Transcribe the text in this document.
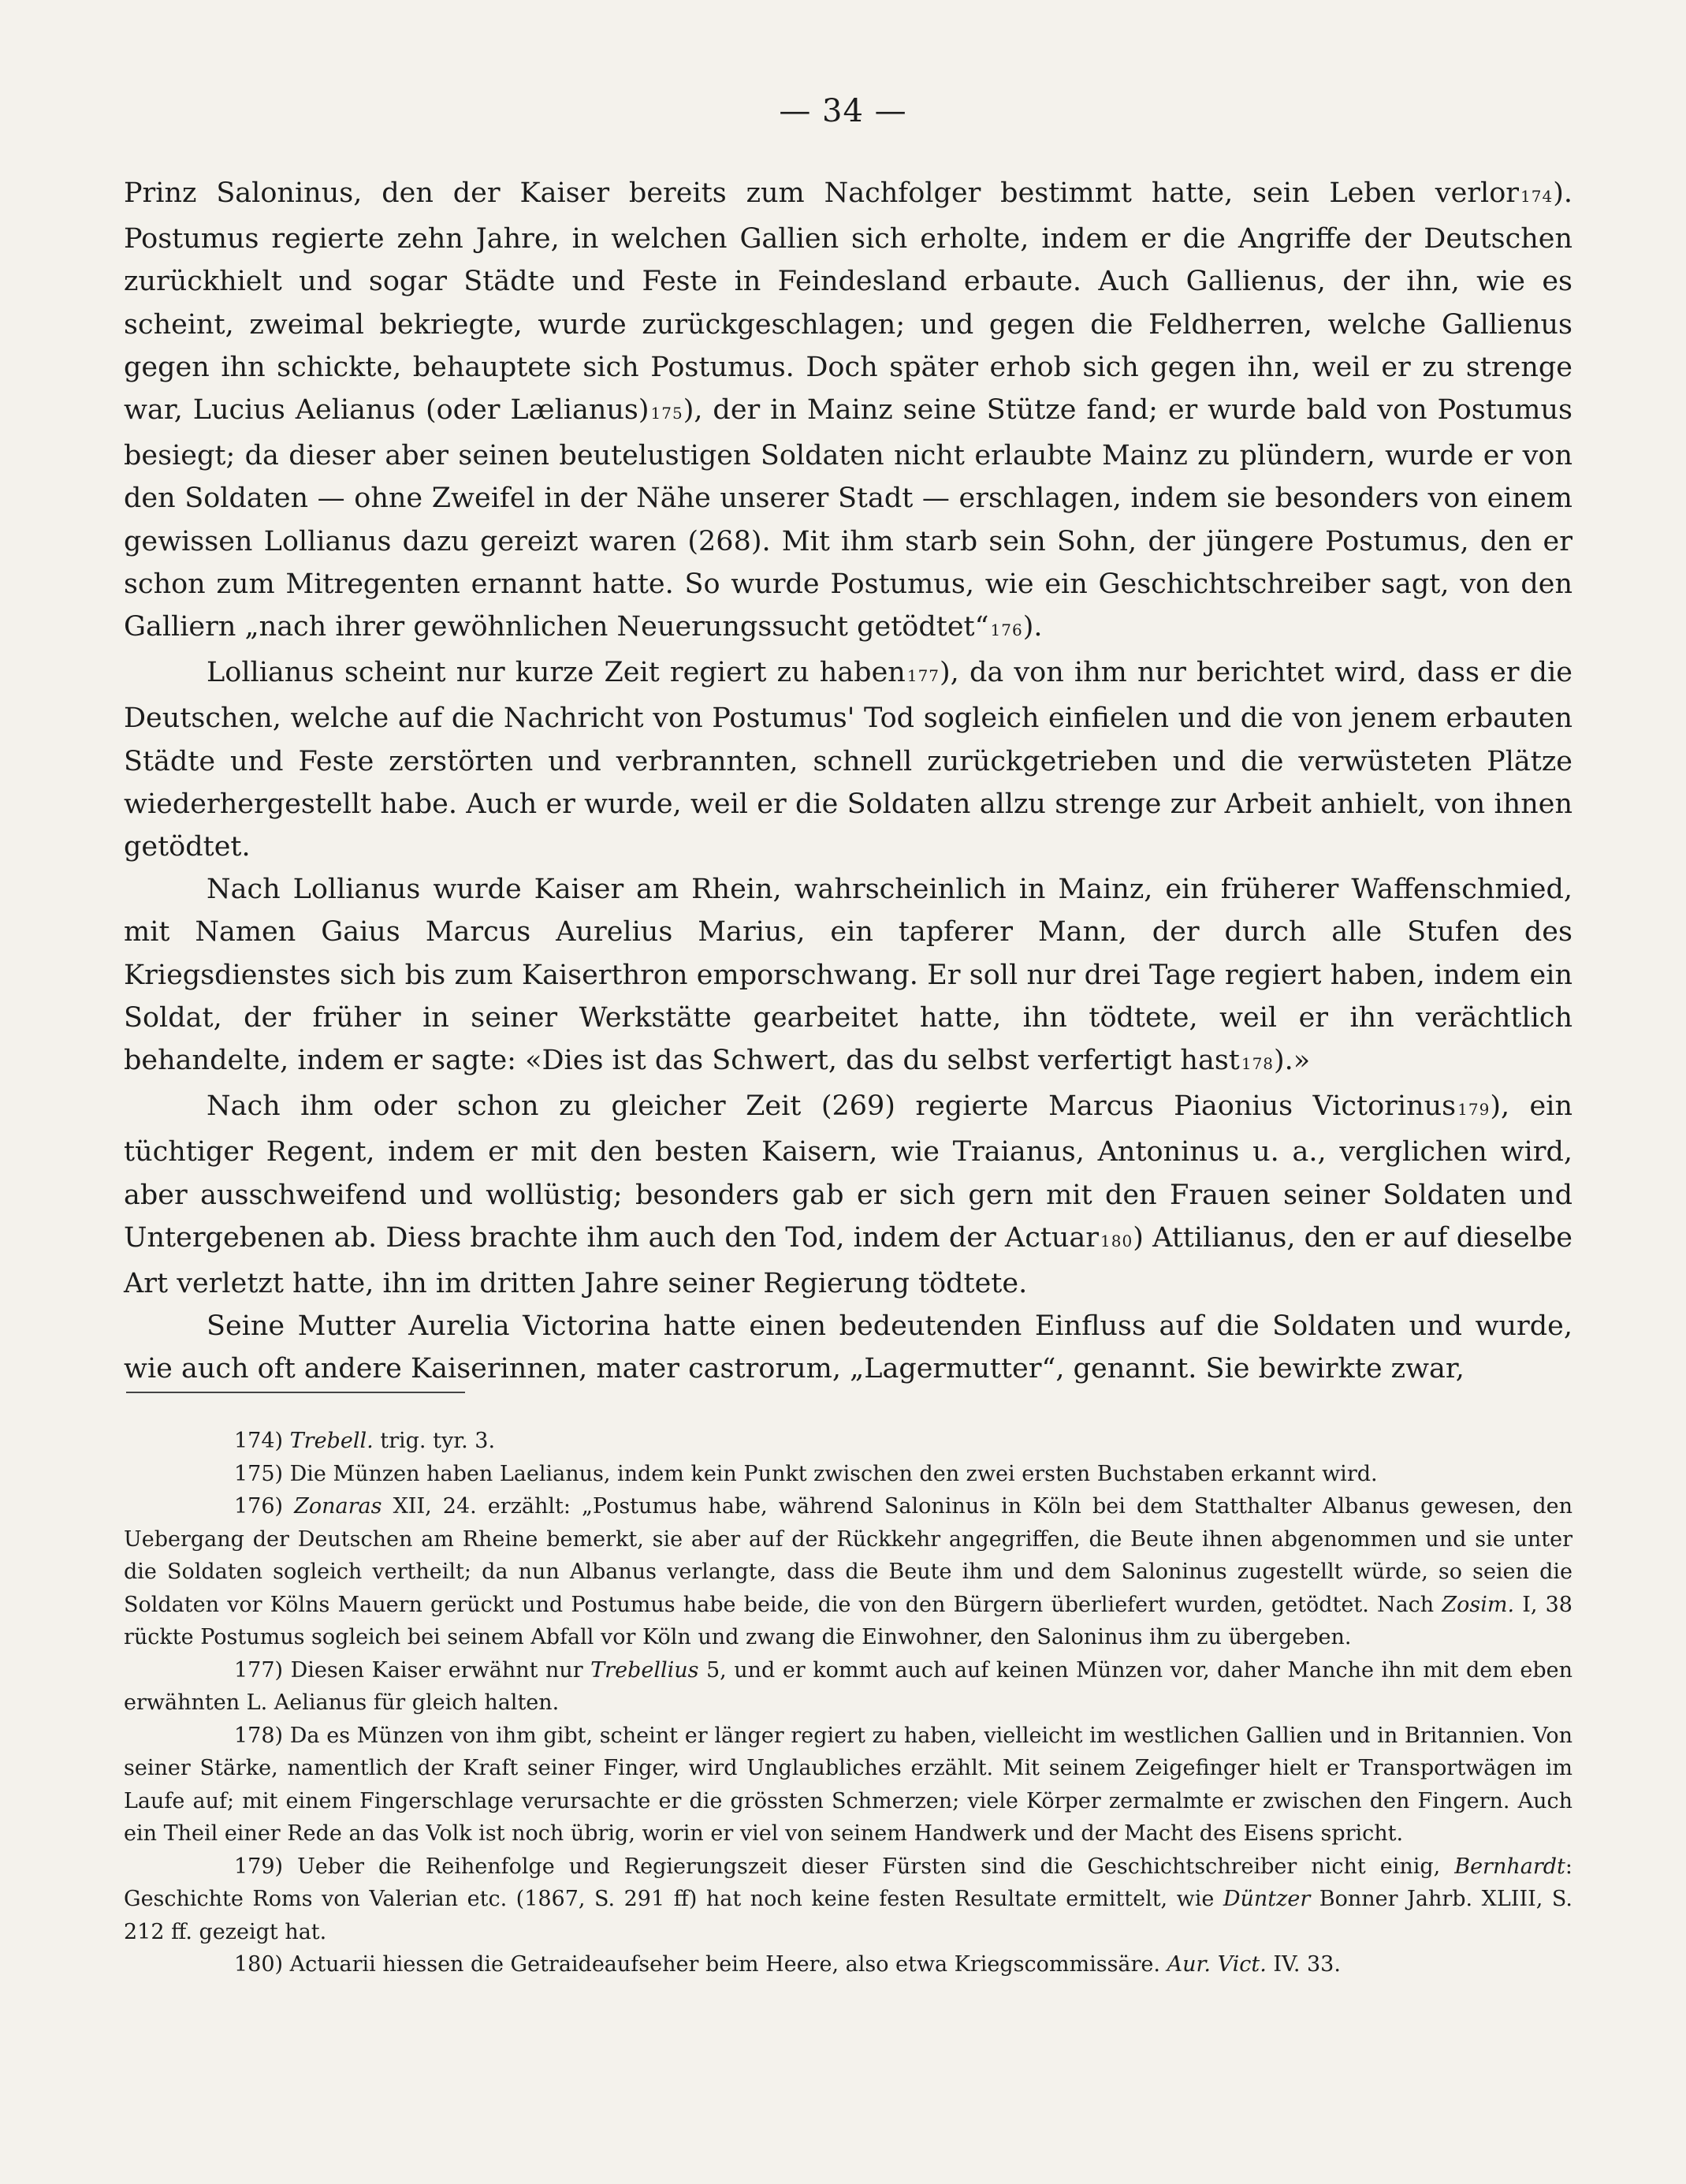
— 34 —

Prinz Saloninus, den der Kaiser bereits zum Nachfolger bestimmt hatte, sein Leben verlor 174). Postumus regierte zehn Jahre, in welchen Gallien sich erholte, indem er die Angriffe der Deutschen zurückhielt und sogar Städte und Feste in Feindesland erbaute. Auch Gallienus, der ihn, wie es scheint, zweimal bekriegte, wurde zurückgeschlagen; und gegen die Feldherren, welche Gallienus gegen ihn schickte, behauptete sich Postumus. Doch später erhob sich gegen ihn, weil er zu strenge war, Lucius Aelianus (oder Lælianus) 175), der in Mainz seine Stütze fand; er wurde bald von Postumus besiegt; da dieser aber seinen beutelustigen Soldaten nicht erlaubte Mainz zu plündern, wurde er von den Soldaten — ohne Zweifel in der Nähe unserer Stadt — erschlagen, indem sie besonders von einem gewissen Lollianus dazu gereizt waren (268). Mit ihm starb sein Sohn, der jüngere Postumus, den er schon zum Mitregenten ernannt hatte. So wurde Postumus, wie ein Geschichtschreiber sagt, von den Galliern „nach ihrer gewöhnlichen Neuerungssucht getödtet“ 176).

Lollianus scheint nur kurze Zeit regiert zu haben 177), da von ihm nur berichtet wird, dass er die Deutschen, welche auf die Nachricht von Postumus' Tod sogleich einfielen und die von jenem erbauten Städte und Feste zerstörten und verbrannten, schnell zurückgetrieben und die verwüsteten Plätze wiederhergestellt habe. Auch er wurde, weil er die Soldaten allzu strenge zur Arbeit anhielt, von ihnen getödtet.

Nach Lollianus wurde Kaiser am Rhein, wahrscheinlich in Mainz, ein früherer Waffenschmied, mit Namen Gaius Marcus Aurelius Marius, ein tapferer Mann, der durch alle Stufen des Kriegsdienstes sich bis zum Kaiserthron emporschwang. Er soll nur drei Tage regiert haben, indem ein Soldat, der früher in seiner Werkstätte gearbeitet hatte, ihn tödtete, weil er ihn verächtlich behandelte, indem er sagte: «Dies ist das Schwert, das du selbst verfertigt hast 178).»

Nach ihm oder schon zu gleicher Zeit (269) regierte Marcus Piaonius Victorinus 179), ein tüchtiger Regent, indem er mit den besten Kaisern, wie Traianus, Antoninus u. a., verglichen wird, aber ausschweifend und wollüstig; besonders gab er sich gern mit den Frauen seiner Soldaten und Untergebenen ab. Diess brachte ihm auch den Tod, indem der Actuar 180) Attilianus, den er auf dieselbe Art verletzt hatte, ihn im dritten Jahre seiner Regierung tödtete.

Seine Mutter Aurelia Victorina hatte einen bedeutenden Einfluss auf die Soldaten und wurde, wie auch oft andere Kaiserinnen, mater castrorum, „Lagermutter“, genannt. Sie bewirkte zwar,

174) Trebell. trig. tyr. 3.

175) Die Münzen haben Laelianus, indem kein Punkt zwischen den zwei ersten Buchstaben erkannt wird.

176) Zonaras XII, 24. erzählt: „Postumus habe, während Saloninus in Köln bei dem Statthalter Albanus gewesen, den Uebergang der Deutschen am Rheine bemerkt, sie aber auf der Rückkehr angegriffen, die Beute ihnen abgenommen und sie unter die Soldaten sogleich vertheilt; da nun Albanus verlangte, dass die Beute ihm und dem Saloninus zugestellt würde, so seien die Soldaten vor Kölns Mauern gerückt und Postumus habe beide, die von den Bürgern überliefert wurden, getödtet. Nach Zosim. I, 38 rückte Postumus sogleich bei seinem Abfall vor Köln und zwang die Einwohner, den Saloninus ihm zu übergeben.

177) Diesen Kaiser erwähnt nur Trebellius 5, und er kommt auch auf keinen Münzen vor, daher Manche ihn mit dem eben erwähnten L. Aelianus für gleich halten.

178) Da es Münzen von ihm gibt, scheint er länger regiert zu haben, vielleicht im westlichen Gallien und in Britannien. Von seiner Stärke, namentlich der Kraft seiner Finger, wird Unglaubliches erzählt. Mit seinem Zeigefinger hielt er Transportwägen im Laufe auf; mit einem Fingerschlage verursachte er die grössten Schmerzen; viele Körper zermalmte er zwischen den Fingern. Auch ein Theil einer Rede an das Volk ist noch übrig, worin er viel von seinem Handwerk und der Macht des Eisens spricht.

179) Ueber die Reihenfolge und Regierungszeit dieser Fürsten sind die Geschichtschreiber nicht einig, Bernhardt: Geschichte Roms von Valerian etc. (1867, S. 291 ff) hat noch keine festen Resultate ermittelt, wie Düntzer Bonner Jahrb. XLIII, S. 212 ff. gezeigt hat.

180) Actuarii hiessen die Getraideaufseher beim Heere, also etwa Kriegscommissäre. Aur. Vict. IV. 33.
